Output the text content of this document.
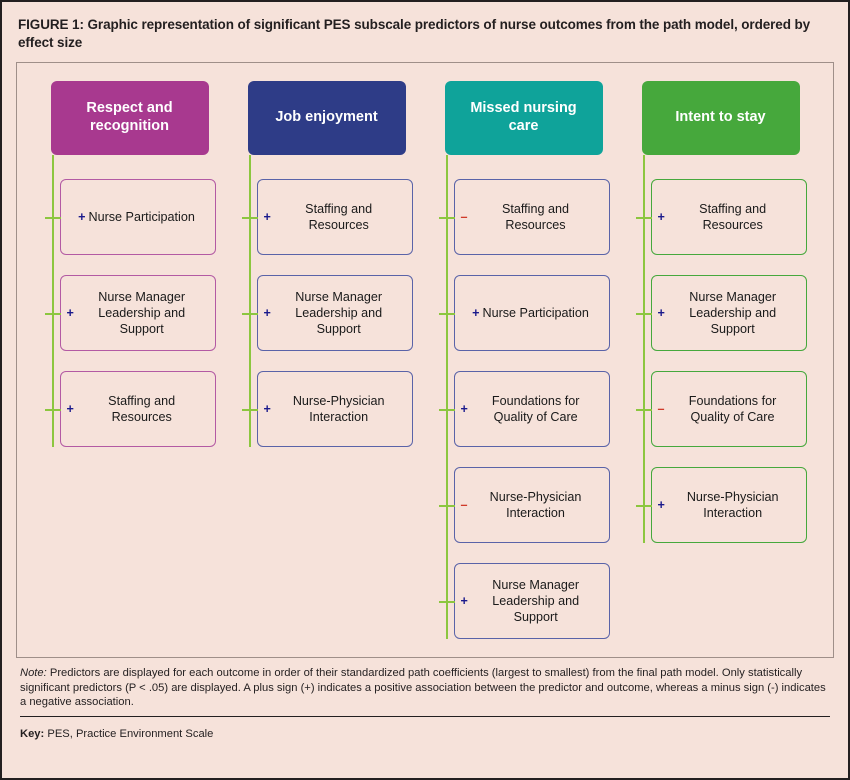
FIGURE 1: Graphic representation of significant PES subscale predictors of nurse outcomes from the path model, ordered by effect size
Respect and recognition
+ Nurse Participation
+
Nurse Manager Leadership and Support
+
Staffing and Resources
Job enjoyment
+
Staffing and Resources
+
Nurse Manager Leadership and Support
+
Nurse-Physician Interaction
Missed nursing care
–
Staffing and Resources
+ Nurse Participation
+
Foundations for Quality of Care
–
Nurse-Physician Interaction
+
Nurse Manager Leadership and Support
Intent to stay
+
Staffing and Resources
+
Nurse Manager Leadership and Support
–
Foundations for Quality of Care
+
Nurse-Physician Interaction
Note: Predictors are displayed for each outcome in order of their standardized path coefficients (largest to smallest) from the final path model. Only statistically significant predictors (P < .05) are displayed. A plus sign (+) indicates a positive association between the predictor and outcome, whereas a minus sign (-) indicates a negative association.
Key: PES, Practice Environment Scale
